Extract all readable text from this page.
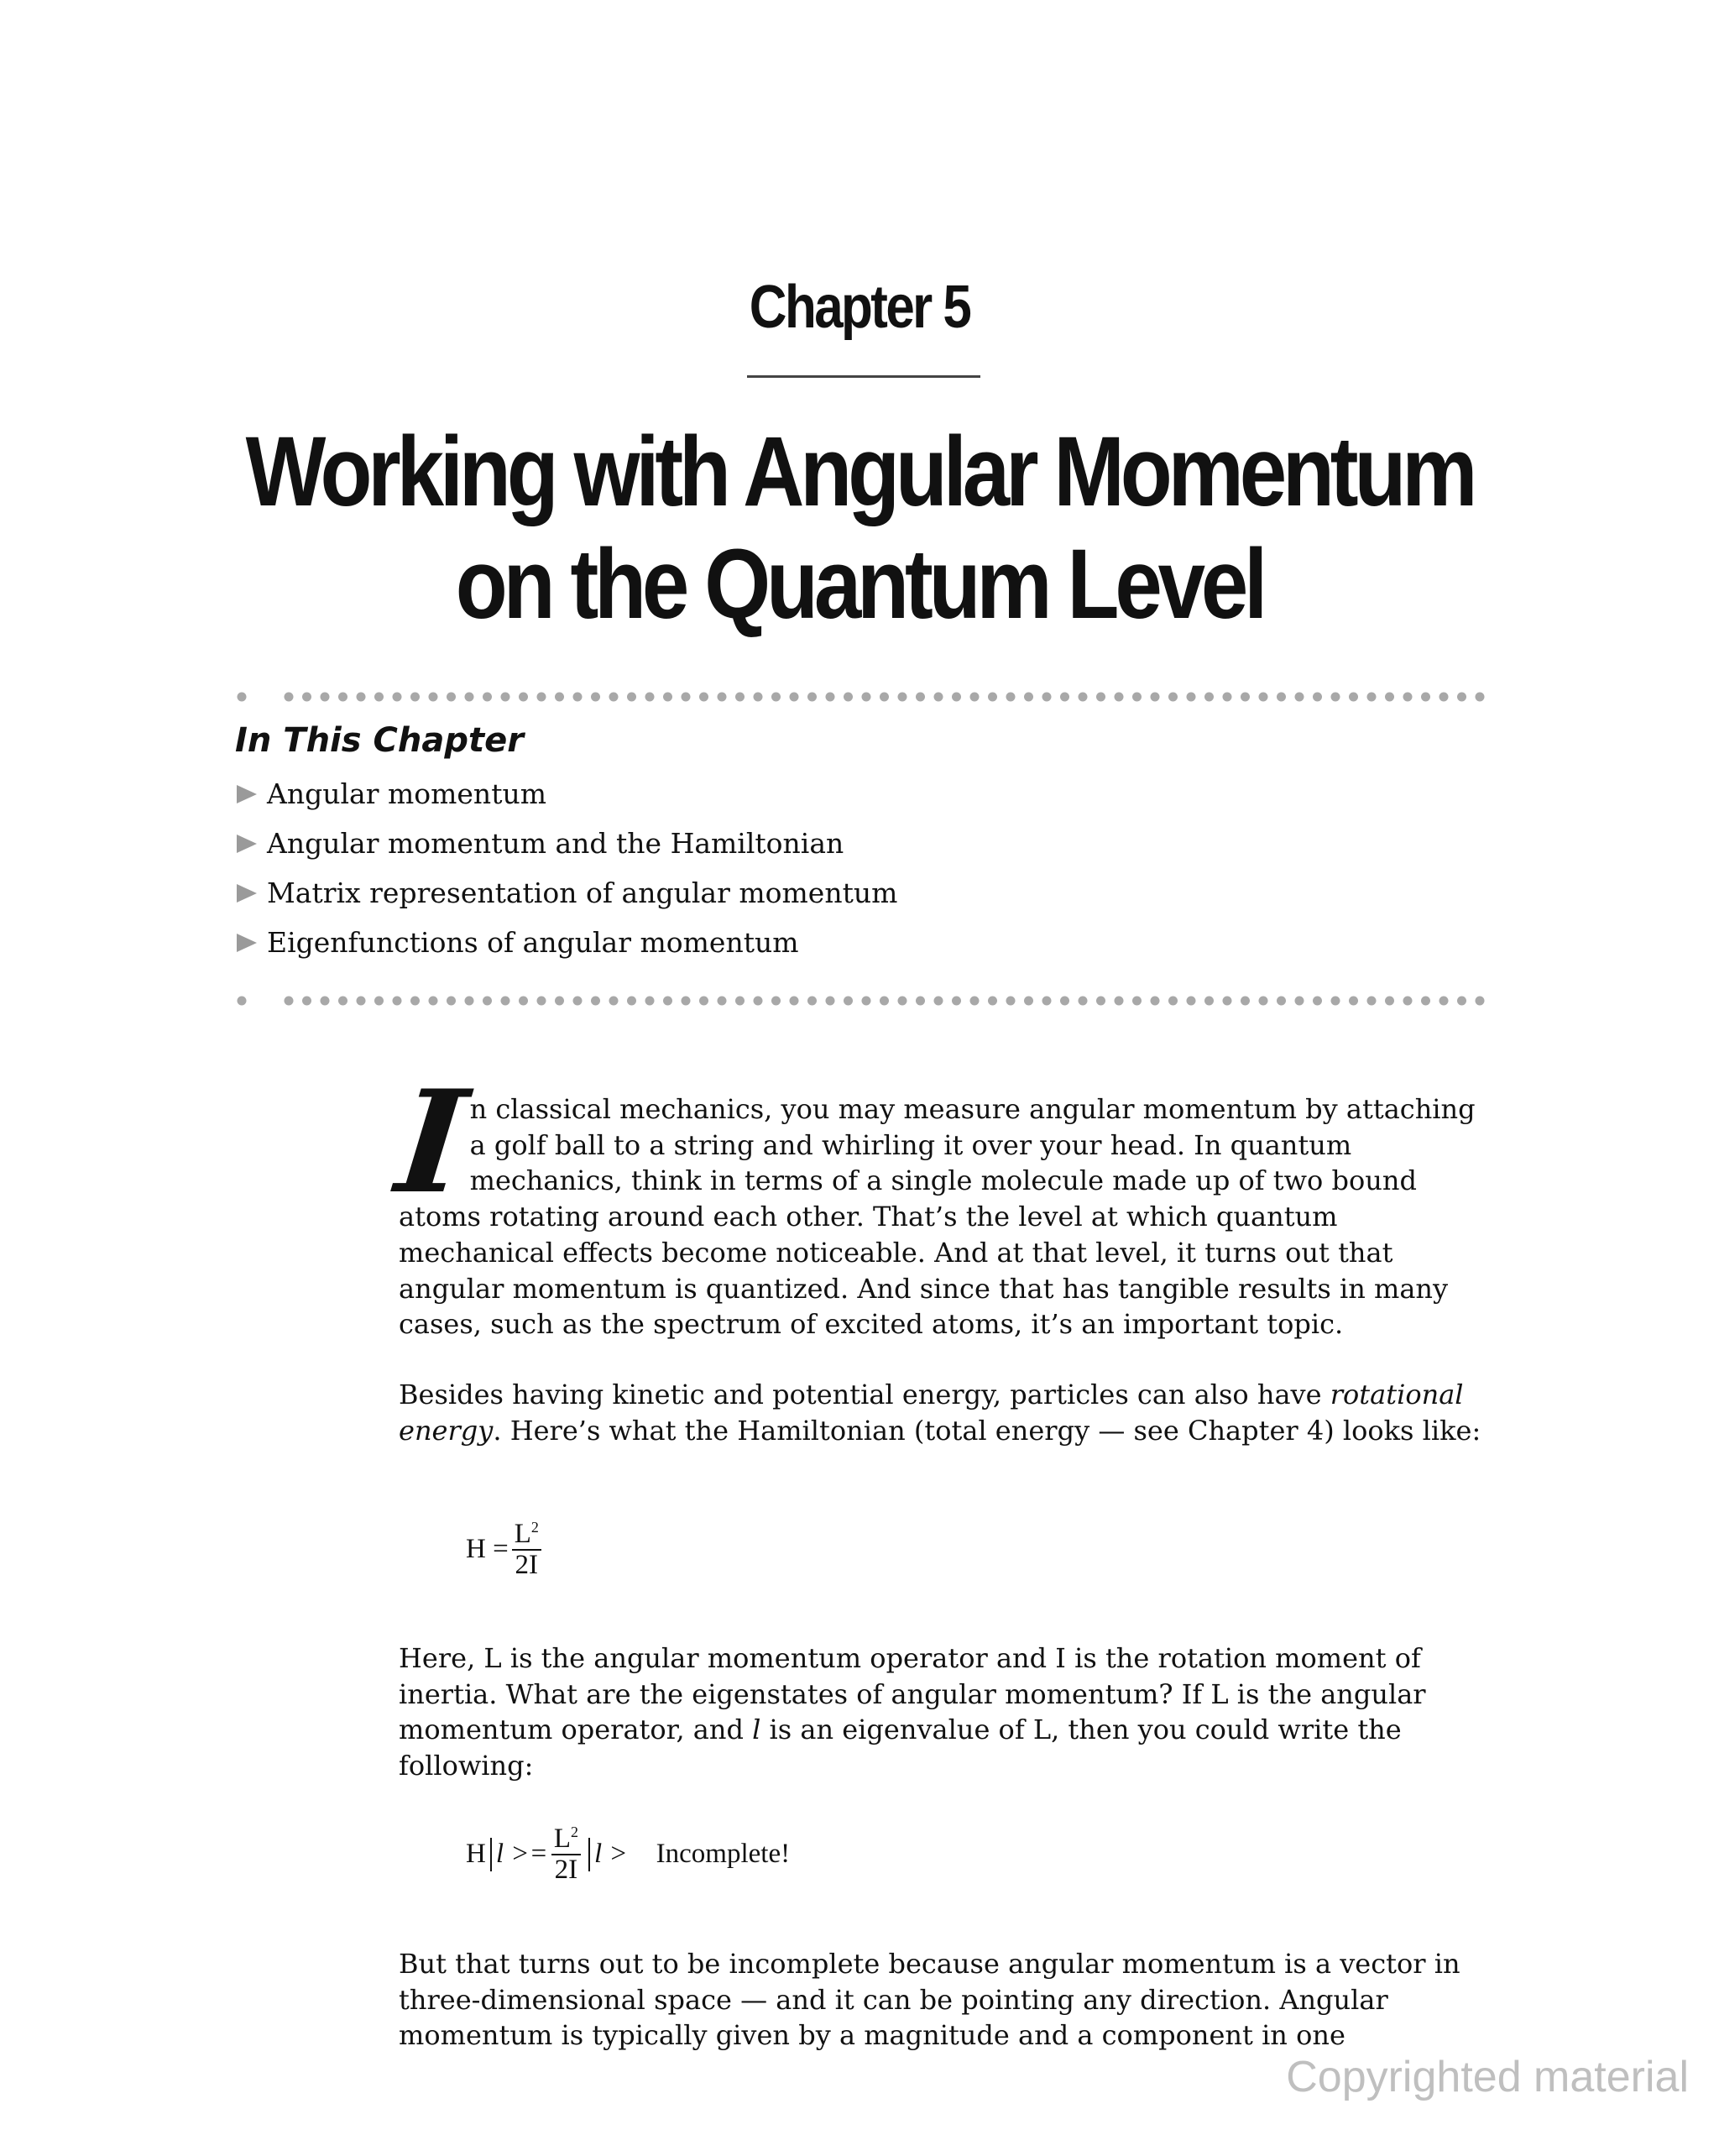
Chapter 5
Working with Angular Momentum
on the Quantum Level
In This Chapter
Angular momentum
Angular momentum and the Hamiltonian
Matrix representation of angular momentum
Eigenfunctions of angular momentum

I
n classical mechanics, you may measure angular momentum by attaching a golf ball to a string and whirling it over your head. In quantum mechanics, think in terms of a single molecule made up of two bound atoms rotating around each other. That’s the level at which quantum mechanical effects become noticeable. And at that level, it turns out that angular momentum is quantized. And since that has tangible results in many cases, such as the spectrum of excited atoms, it’s an important topic.

Besides having kinetic and potential energy, particles can also have rotational energy. Here’s what the Hamiltonian (total energy — see Chapter 4) looks like:

$H = \frac{L^2}{2I}$

Here, L is the angular momentum operator and I is the rotation moment of inertia. What are the eigenstates of angular momentum? If L is the angular momentum operator, and l is an eigenvalue of L, then you could write the following:

H $l >= \frac{L^2}{2I}$ l > Incomplete!

But that turns out to be incomplete because angular momentum is a vector in three-dimensional space — and it can be pointing any direction. Angular momentum is typically given by a magnitude and a component in one

Copyrighted material
